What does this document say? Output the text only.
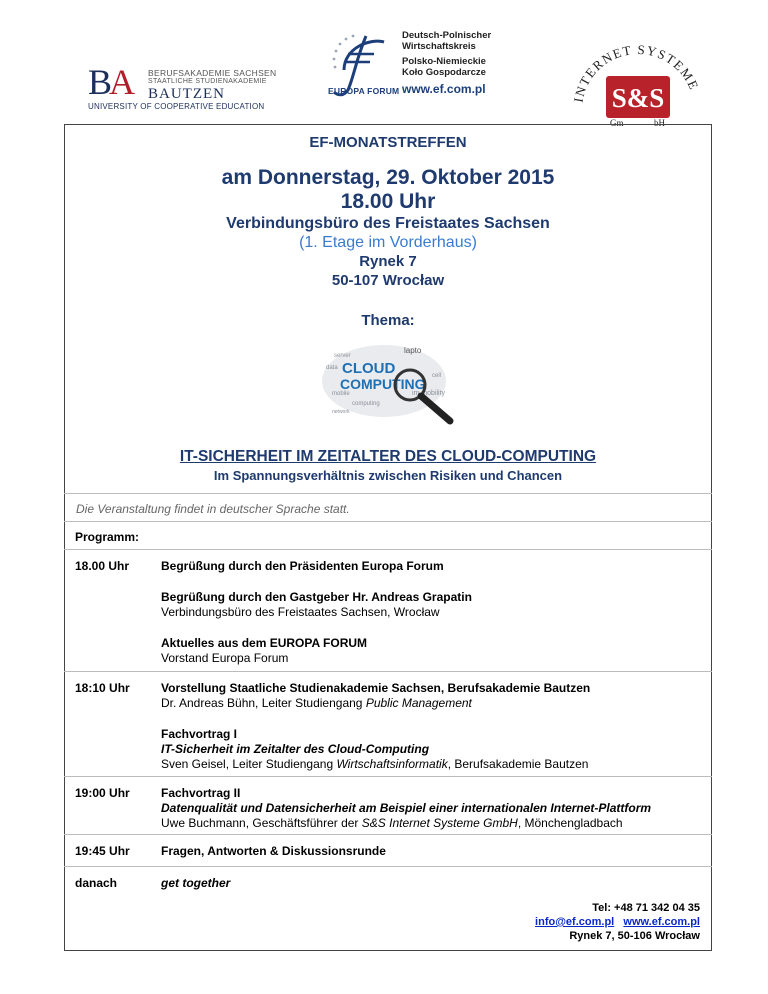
BA BERUFSAKADEMIE SACHSEN
STAATLICHE STUDIENAKADEMIE
BAUTZEN
UNIVERSITY OF COOPERATIVE EDUCATION
EUROPA FORUM
Deutsch-Polnischer
Wirtschaftskreis
Polsko-Niemieckie
Koło Gospodarcze
www.ef.com.pl
INTERNET SYSTEME
S&S
Gm	bH
EF-MONATSTREFFEN
am Donnerstag, 29. Oktober 2015
18.00 Uhr
Verbindungsbüro des Freistaates Sachsen
(1. Etage im Vorderhaus)
Rynek 7
50-107 Wrocław
Thema:
server
lapto
data
cell
im mobility
mobile
computing
network
CLOUD
COMPUTING
IT-SICHERHEIT IM ZEITALTER DES CLOUD-COMPUTING
Im Spannungsverhältnis zwischen Risiken und Chancen
Die Veranstaltung findet in deutscher Sprache statt.
Programm:
18.00 Uhr	Begrüßung durch den Präsidenten Europa Forum
Begrüßung durch den Gastgeber Hr. Andreas Grapatin
Verbindungsbüro des Freistaates Sachsen, Wrocław
Aktuelles aus dem EUROPA FORUM
Vorstand Europa Forum
18:10 Uhr	Vorstellung Staatliche Studienakademie Sachsen, Berufsakademie Bautzen
Dr. Andreas Bühn, Leiter Studiengang Public Management
Fachvortrag I
IT-Sicherheit im Zeitalter des Cloud-Computing
Sven Geisel, Leiter Studiengang Wirtschaftsinformatik, Berufsakademie Bautzen
19:00 Uhr	Fachvortrag II
Datenqualität und Datensicherheit am Beispiel einer internationalen Internet-Plattform
Uwe Buchmann, Geschäftsführer der S&S Internet Systeme GmbH, Mönchengladbach
19:45 Uhr	Fragen, Antworten & Diskussionsrunde
danach	get together
Tel: +48 71 342 04 35
info@ef.com.pl www.ef.com.pl
Rynek 7, 50-106 Wrocław
